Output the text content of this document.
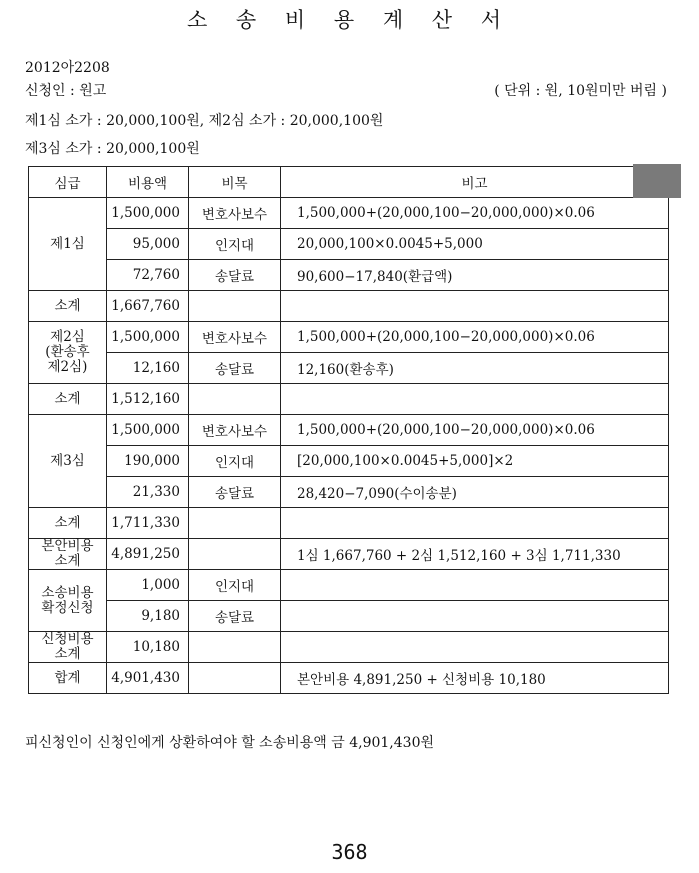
소 송 비 용 계 산 서
2012아2208
신청인 : 원고	( 단위 : 원, 10원미만 버림 )
제1심 소가 : 20,000,100원, 제2심 소가 : 20,000,100원
제3심 소가 : 20,000,100원
심급	비용액	비목	비고
제1심	1,500,000	변호사보수	1,500,000+(20,000,100−20,000,000)×0.06
	95,000	인지대	20,000,100×0.0045+5,000
	72,760	송달료	90,600−17,840(환급액)
소계	1,667,760		

제2심
(환송후
제2심)	1,500,000	변호사보수	1,500,000+(20,000,100−20,000,000)×0.06
	12,160	송달료	12,160(환송후)
소계	1,512,160		
제3심	1,500,000	변호사보수	1,500,000+(20,000,100−20,000,000)×0.06
	190,000	인지대	[20,000,100×0.0045+5,000]×2
	21,330	송달료	28,420−7,090(수이송분)
소계	1,711,330		

본안비용
소계	4,891,250		1심 1,667,760 + 2심 1,512,160 + 3심 1,711,330

소송비용
확정신청	1,000	인지대	
	9,180	송달료	

신청비용
소계	10,180		
합계	4,901,430		본안비용 4,891,250 + 신청비용 10,180
피신청인이 신청인에게 상환하여야 할 소송비용액 금 4,901,430원
368
